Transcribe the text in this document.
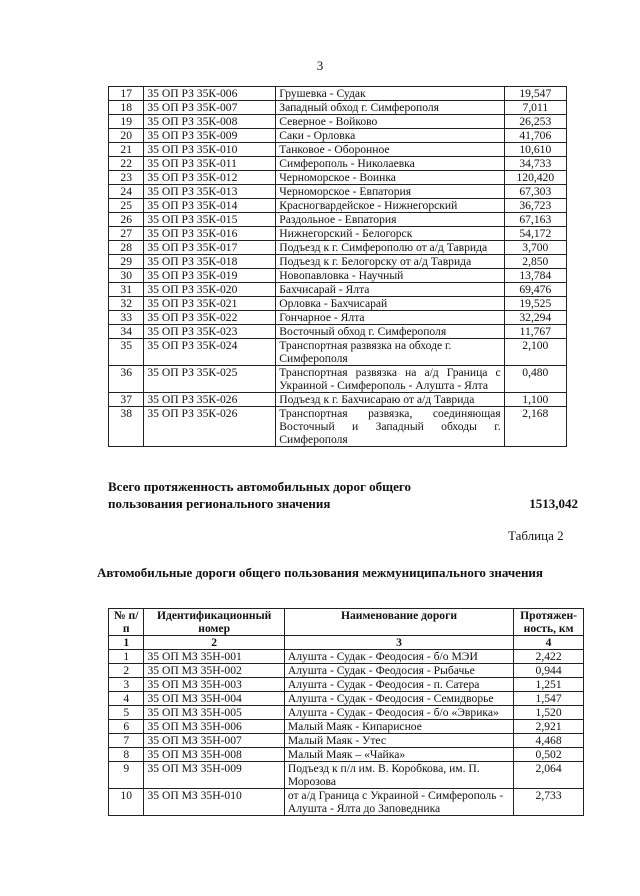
3
17	35 ОП РЗ 35К-006	Грушевка - Судак	19,547
18	35 ОП РЗ 35К-007	Западный обход г. Симферополя	7,011
19	35 ОП РЗ 35К-008	Северное - Войково	26,253
20	35 ОП РЗ 35К-009	Саки - Орловка	41,706
21	35 ОП РЗ 35К-010	Танковое - Оборонное	10,610
22	35 ОП РЗ 35К-011	Симферополь - Николаевка	34,733
23	35 ОП РЗ 35К-012	Черноморское - Воинка	120,420
24	35 ОП РЗ 35К-013	Черноморское - Евпатория	67,303
25	35 ОП РЗ 35К-014	Красногвардейское - Нижнегорский	36,723
26	35 ОП РЗ 35К-015	Раздольное - Евпатория	67,163
27	35 ОП РЗ 35К-016	Нижнегорский - Белогорск	54,172
28	35 ОП РЗ 35К-017	Подъезд к г. Симферополю от а/д Таврида	3,700
29	35 ОП РЗ 35К-018	Подъезд к г. Белогорску от а/д Таврида	2,850
30	35 ОП РЗ 35К-019	Новопавловка - Научный	13,784
31	35 ОП РЗ 35К-020	Бахчисарай - Ялта	69,476
32	35 ОП РЗ 35К-021	Орловка - Бахчисарай	19,525
33	35 ОП РЗ 35К-022	Гончарное - Ялта	32,294
34	35 ОП РЗ 35К-023	Восточный обход г. Симферополя	11,767
35	35 ОП РЗ 35К-024	Транспортная развязка на обходе г. Симферополя	2,100
36	35 ОП РЗ 35К-025	Транспортная развязка на а/д Граница с Украиной - Симферополь - Алушта - Ялта	0,480
37	35 ОП РЗ 35К-026	Подъезд к г. Бахчисараю от а/д Таврида	1,100
38	35 ОП РЗ 35К-026	Транспортная развязка, соединяющая Восточный и Западный обходы г. Симферополя	2,168
Всего протяженность автомобильных дорог общего пользования регионального значения	1513,042
Таблица 2
Автомобильные дороги общего пользования межмуниципального значения
№ п/п	Идентификационный номер	Наименование дороги	Протяжен- ность, км
1	2	3	4
1	35 ОП МЗ 35Н-001	Алушта - Судак - Феодосия - б/о МЭИ	2,422
2	35 ОП МЗ 35Н-002	Алушта - Судак - Феодосия - Рыбачье	0,944
3	35 ОП МЗ 35Н-003	Алушта - Судак - Феодосия - п. Сатера	1,251
4	35 ОП МЗ 35Н-004	Алушта - Судак - Феодосия - Семидворье	1,547
5	35 ОП МЗ 35Н-005	Алушта - Судак - Феодосия - б/о «Эврика»	1,520
6	35 ОП МЗ 35Н-006	Малый Маяк - Кипарисное	2,921
7	35 ОП МЗ 35Н-007	Малый Маяк - Утес	4,468
8	35 ОП МЗ 35Н-008	Малый Маяк – «Чайка»	0,502
9	35 ОП МЗ 35Н-009	Подъезд к п/л им. В. Коробкова, им. П. Морозова	2,064
10	35 ОП МЗ 35Н-010	от а/д Граница с Украиной - Симферополь - Алушта - Ялта до Заповедника	2,733
